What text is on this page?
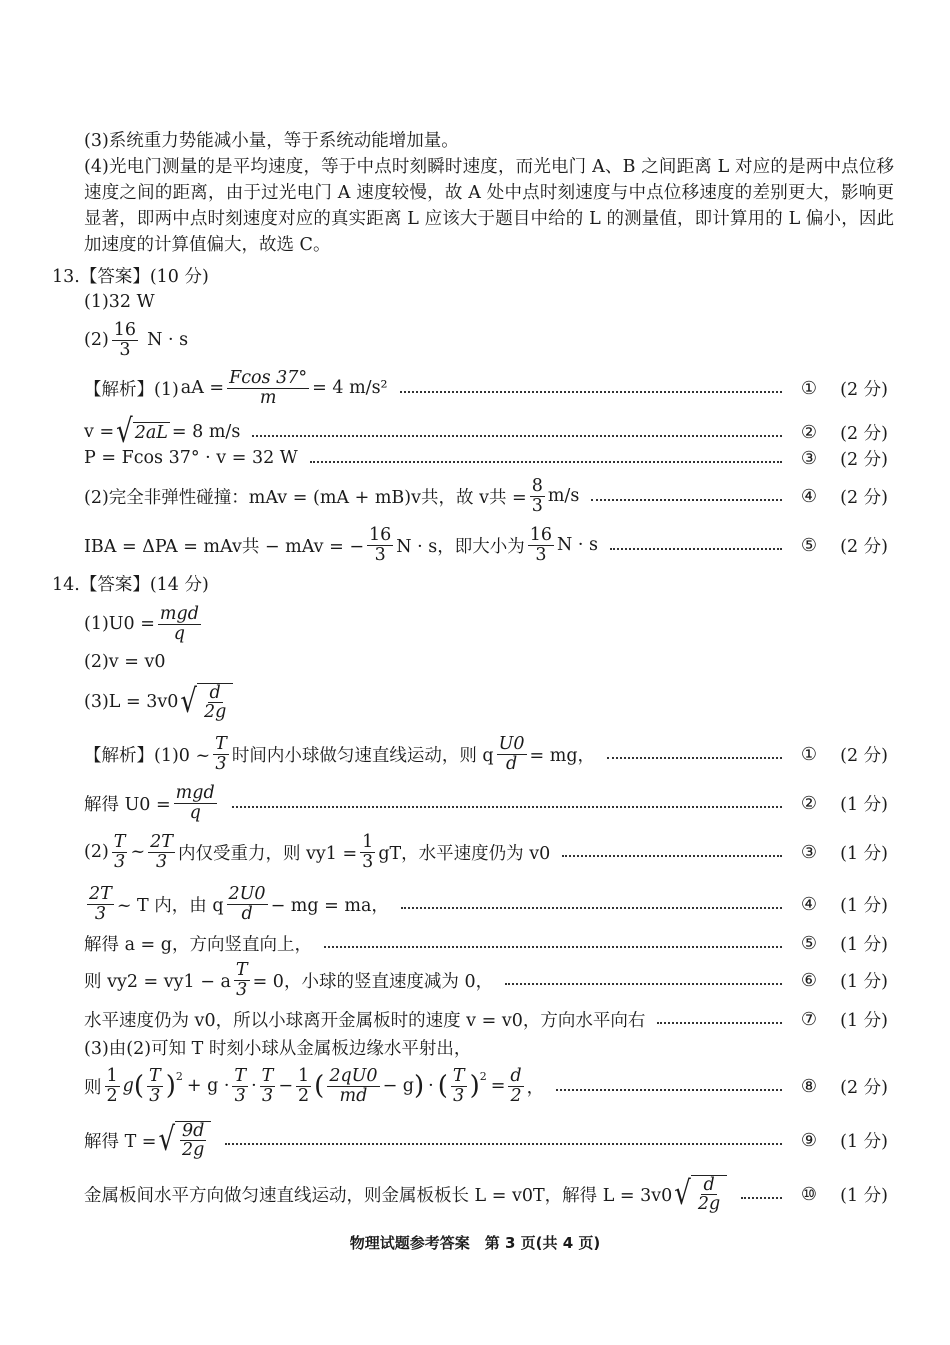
(3)系统重力势能减小量，等于系统动能增加量。
(4)光电门测量的是平均速度，等于中点时刻瞬时速度，而光电门 A、B 之间距离 L 对应的是两中点位移速度之间的距离，由于过光电门 A 速度较慢，故 A 处中点时刻速度与中点位移速度的差别更大，影响更显著，即两中点时刻速度对应的真实距离 L 应该大于题目中给的 L 的测量值，即计算用的 L 偏小，因此加速度的计算值偏大，故选 C。
13.【答案】(10 分)
(1)32 W
$(2) \frac{16}{3}$ N · s
【解析】(1) aA = $\frac{Fcos 37^\circ}{m} = 4$ m/s²	①	(2 分)
v = √ 2aL = 8 m/s	②	(2 分)
P = Fcos 37° · v = 32 W	③	(2 分)
(2)完全非弹性碰撞：mAv = (mA + mB)v共，故 v共 = $\frac{8}{3} m/s$	④	(2 分)
IBA = ΔPA = mAv共 − mAv = − $\frac{16}{3}$ N · s，即大小为 $\frac{16}{3}$ N · s	⑤	(2 分)
14.【答案】(14 分)
$(1)U0 = \frac{\text{mgd}}{q}$
(2)v = v0
(3)L = 3v0 √ $\frac{d}{2g}$
【解析】(1)0 ~ $\frac{T}{3}$ 时间内小球做匀速直线运动，则 q $\frac{U0}{d}$ = mg，	①	(2 分)
解得 $U0 = \frac{\text{mgd}}{q}$	②	(1 分)
$(2) \frac{T}{3}$ ~ $\frac{2T}{3}$ 内仅受重力，则 $vy1 = \frac{1}{3}$ gT，水平速度仍为 v0	③	(1 分)
$\frac{2T}{3}$ ~ T 内，由 q $\frac{2U0}{d}$ − mg = ma，	④	(1 分)
解得 a = g，方向竖直向上，	⑤	(1 分)
则 vy2 = vy1 − a $\frac{T}{3} = 0$，小球的竖直速度减为 0，	⑥	(1 分)
水平速度仍为 v0，所以小球离开金属板时的速度 v = v0，方向水平向右	⑦	(1 分)
(3)由(2)可知 T 时刻小球从金属板边缘水平射出，
则 $\frac{1}{2}$ g ( $\frac{T}{3} )^2 + g \cdot \frac{T}{3} \cdot \frac{T}{3} - \frac{1}{2}$ ( $\frac{2qU0}{md} - g$ ) · ( $\frac{T}{3} )^2 = \frac{d}{2}$ ，	⑧	(2 分)
解得 T = √ $\frac{9d}{2g}$	⑨	(1 分)
金属板间水平方向做匀速直线运动，则金属板板长 L = v0T，解得 L = 3v0 √ $\frac{d}{2g}$	⑩	(1 分)
物理试题参考答案　第 3 页(共 4 页)
